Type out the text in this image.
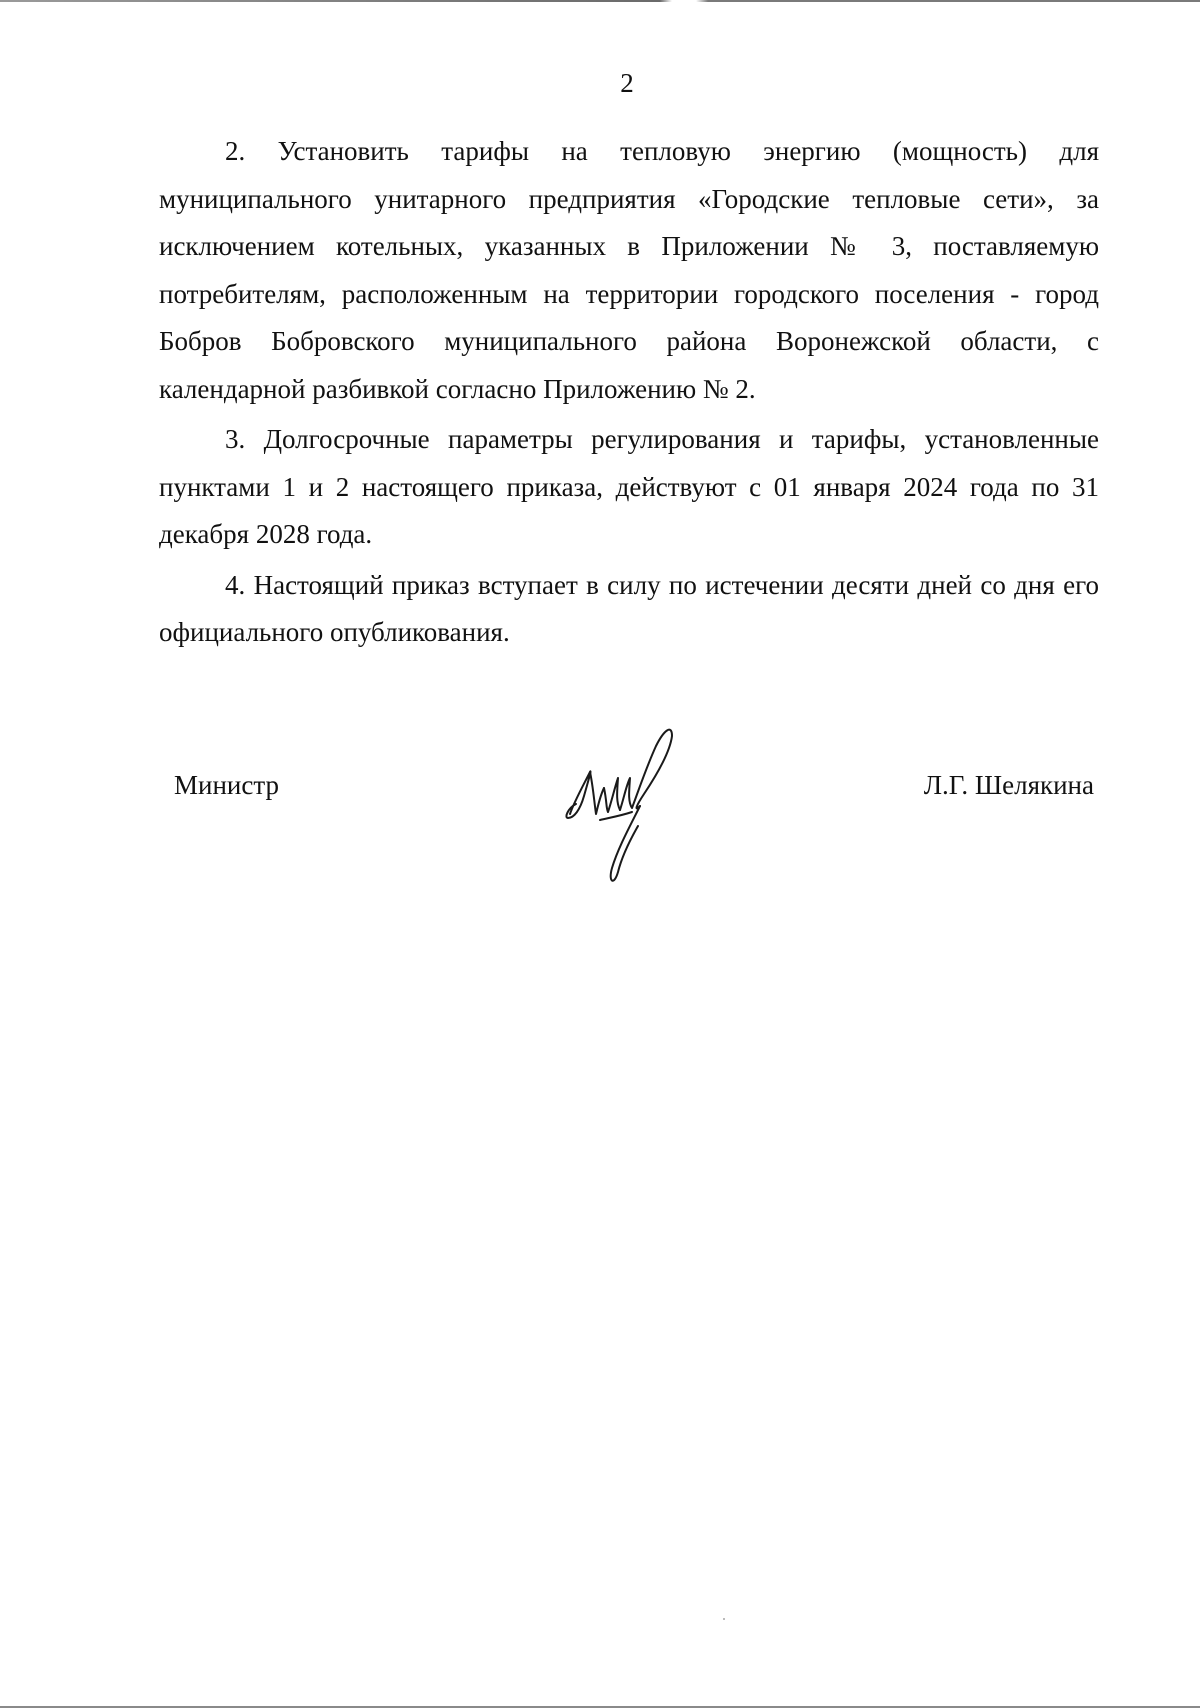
2

2. Установить тарифы на тепловую энергию (мощность) для муниципального унитарного предприятия «Городские тепловые сети», за исключением котельных, указанных в Приложении № 3, поставляемую потребителям, расположенным на территории городского поселения - город Бобров Бобровского муниципального района Воронежской области, с календарной разбивкой согласно Приложению № 2.

3. Долгосрочные параметры регулирования и тарифы, установленные пунктами 1 и 2 настоящего приказа, действуют с 01 января 2024 года по 31 декабря 2028 года.

4. Настоящий приказ вступает в силу по истечении десяти дней со дня его официального опубликования.

Министр	Л.Г. Шелякина
